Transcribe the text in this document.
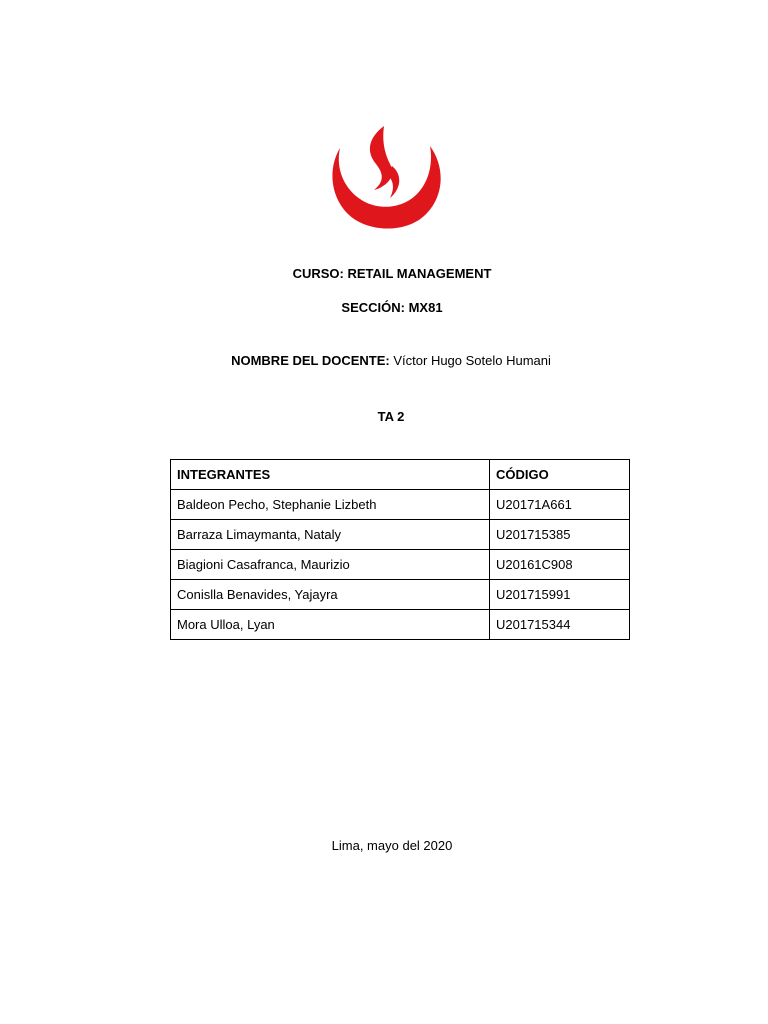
CURSO: RETAIL MANAGEMENT
SECCIÓN: MX81
NOMBRE DEL DOCENTE: Víctor Hugo Sotelo Humani
TA 2
INTEGRANTES	CÓDIGO
Baldeon Pecho, Stephanie Lizbeth	U20171A661
Barraza Limaymanta, Nataly	U201715385
Biagioni Casafranca, Maurizio	U20161C908
Conislla Benavides, Yajayra	U201715991
Mora Ulloa, Lyan	U201715344
Lima, mayo del 2020
